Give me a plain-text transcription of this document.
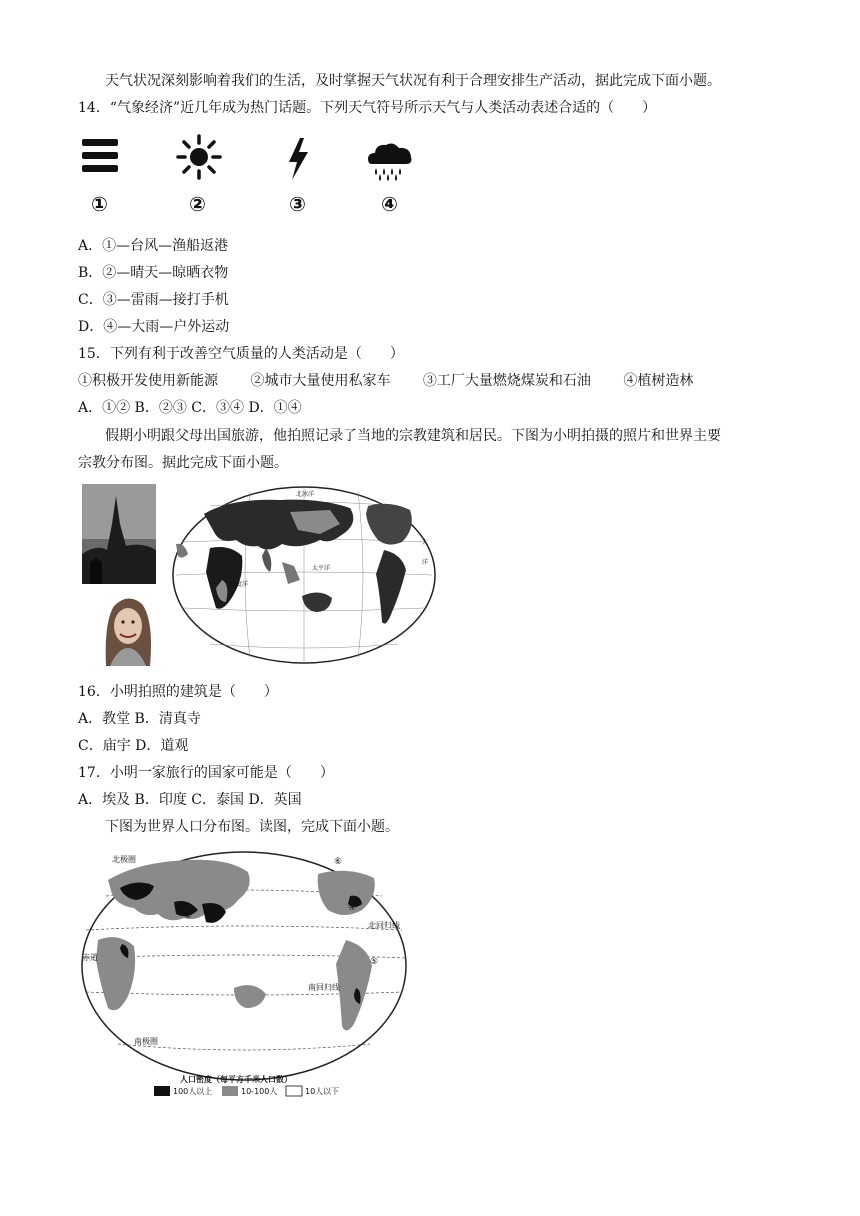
天气状况深刻影响着我们的生活，及时掌握天气状况有利于合理安排生产活动，据此完成下面小题。
14．“气象经济”近几年成为热门话题。下列天气符号所示天气与人类活动表述合适的（　　）
①	②	③	④
A．①—台风—渔船返港
B．②—晴天—晾晒衣物
C．③—雷雨—接打手机
D．④—大雨—户外运动
15．下列有利于改善空气质量的人类活动是（　　）
①积极开发使用新能源 ②城市大量使用私家车 ③工厂大量燃烧煤炭和石油 ④植树造林
A．①② B．②③ C．③④ D．①④
假期小明跟父母出国旅游，他拍照记录了当地的宗教建筑和居民。下图为小明拍摄的照片和世界主要
宗教分布图。据此完成下面小题。
北冰洋
太平洋
印度洋
大
洋
16．小明拍照的建筑是（　　）
A．教堂 B．清真寺
C．庙宇 D．道观
17．小明一家旅行的国家可能是（　　）
A．埃及 B．印度 C．泰国 D．英国
下图为世界人口分布图。读图，完成下面小题。
北极圈
北回归线
赤道
南回归线
南极圈
①
② ③	④
⑤
⑥
人口密度（每平方千米人口数）
100人以上	10-100人	10人以下
